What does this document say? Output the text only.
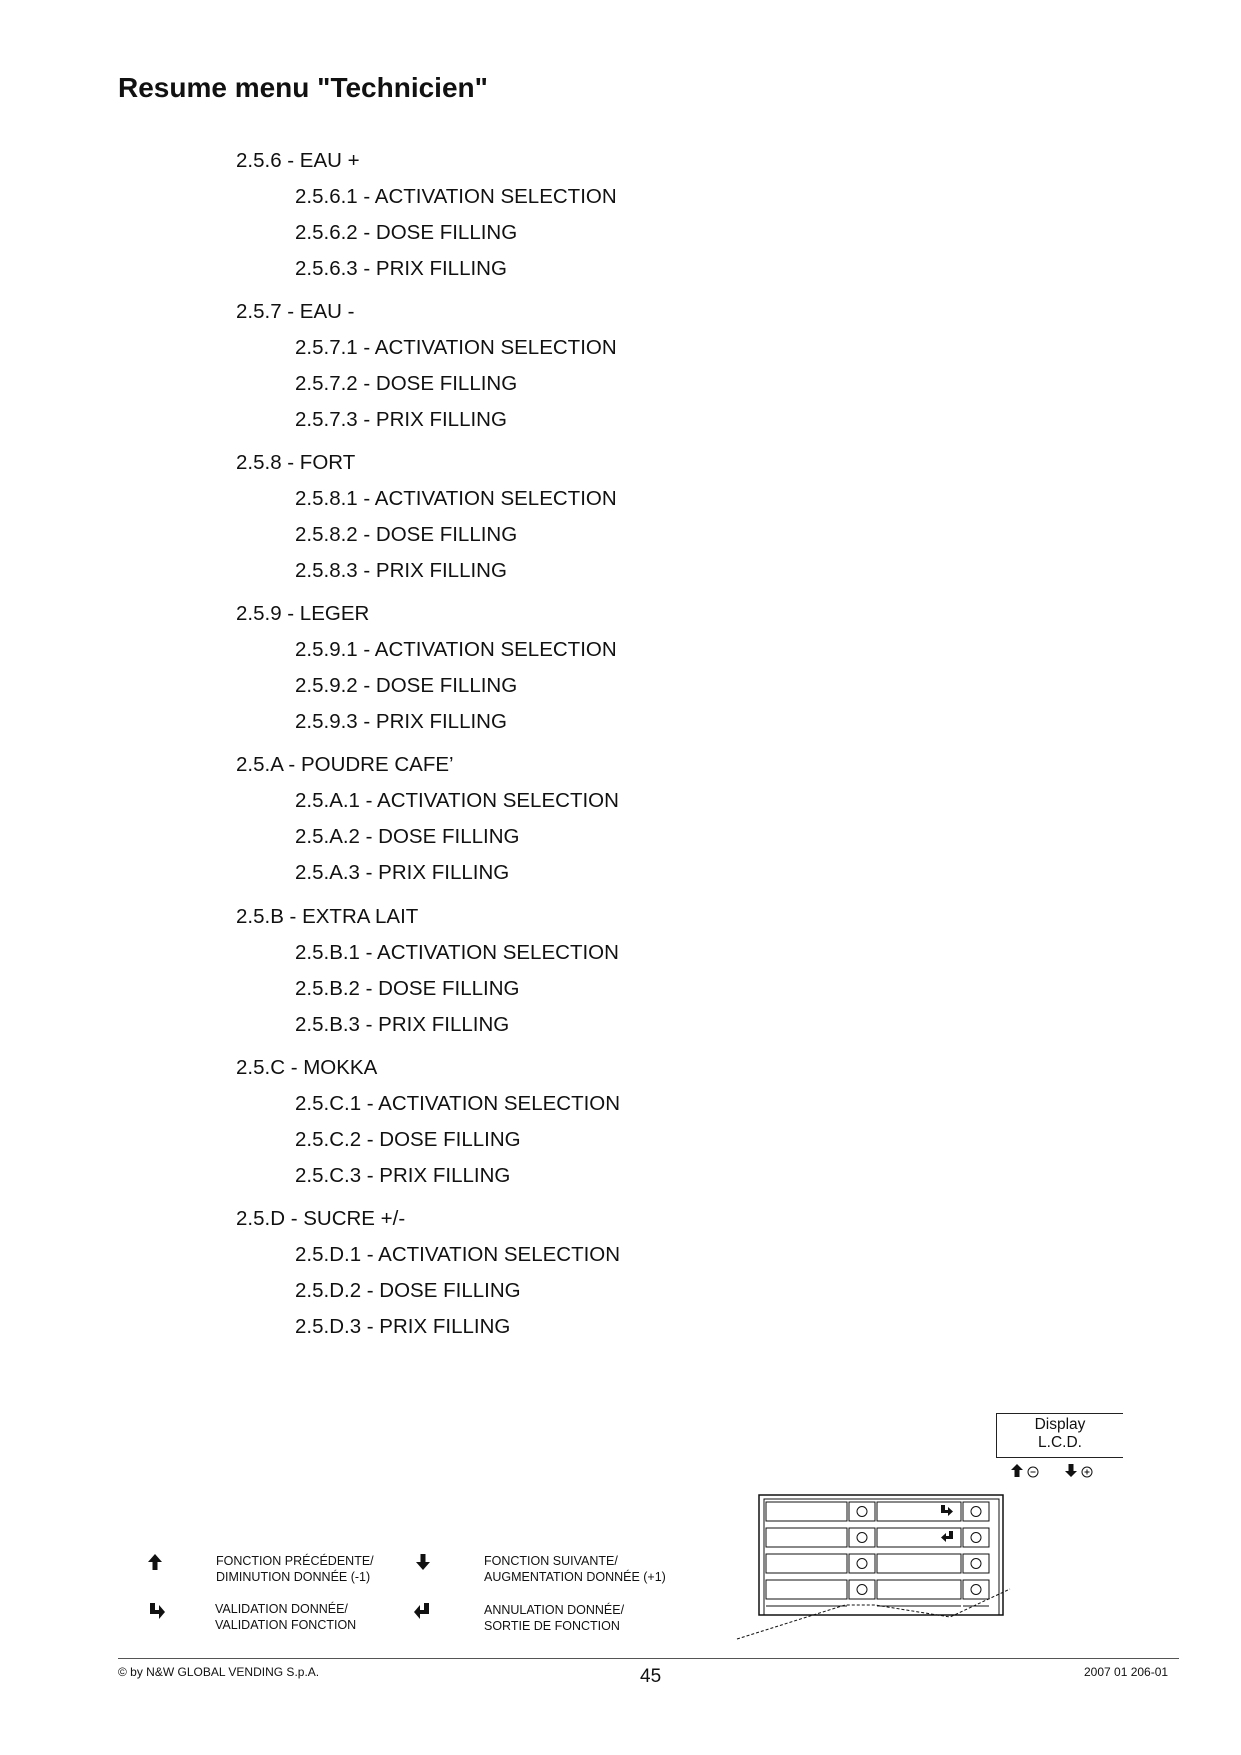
Resume menu "Technicien"
2.5.6 - EAU +
2.5.6.1 - ACTIVATION SELECTION
2.5.6.2 - DOSE FILLING
2.5.6.3 - PRIX FILLING
2.5.7 - EAU -
2.5.7.1 - ACTIVATION SELECTION
2.5.7.2 - DOSE FILLING
2.5.7.3 - PRIX FILLING
2.5.8 - FORT
2.5.8.1 - ACTIVATION SELECTION
2.5.8.2 - DOSE FILLING
2.5.8.3 - PRIX FILLING
2.5.9 - LEGER
2.5.9.1 - ACTIVATION SELECTION
2.5.9.2 - DOSE FILLING
2.5.9.3 - PRIX FILLING
2.5.A - POUDRE CAFE’
2.5.A.1 - ACTIVATION SELECTION
2.5.A.2 - DOSE FILLING
2.5.A.3 - PRIX FILLING
2.5.B - EXTRA LAIT
2.5.B.1 - ACTIVATION SELECTION
2.5.B.2 - DOSE FILLING
2.5.B.3 - PRIX FILLING
2.5.C - MOKKA
2.5.C.1 - ACTIVATION SELECTION
2.5.C.2 - DOSE FILLING
2.5.C.3 - PRIX FILLING
2.5.D - SUCRE +/-
2.5.D.1 - ACTIVATION SELECTION
2.5.D.2 - DOSE FILLING
2.5.D.3 - PRIX FILLING
FONCTION PRÉCÉDENTE/
DIMINUTION DONNÉE (-1)
FONCTION SUIVANTE/
AUGMENTATION DONNÉE (+1)
VALIDATION DONNÉE/
VALIDATION FONCTION
ANNULATION DONNÉE/
SORTIE DE FONCTION
Display
L.C.D.
© by N&W GLOBAL VENDING S.p.A.	45	2007 01 206-01
